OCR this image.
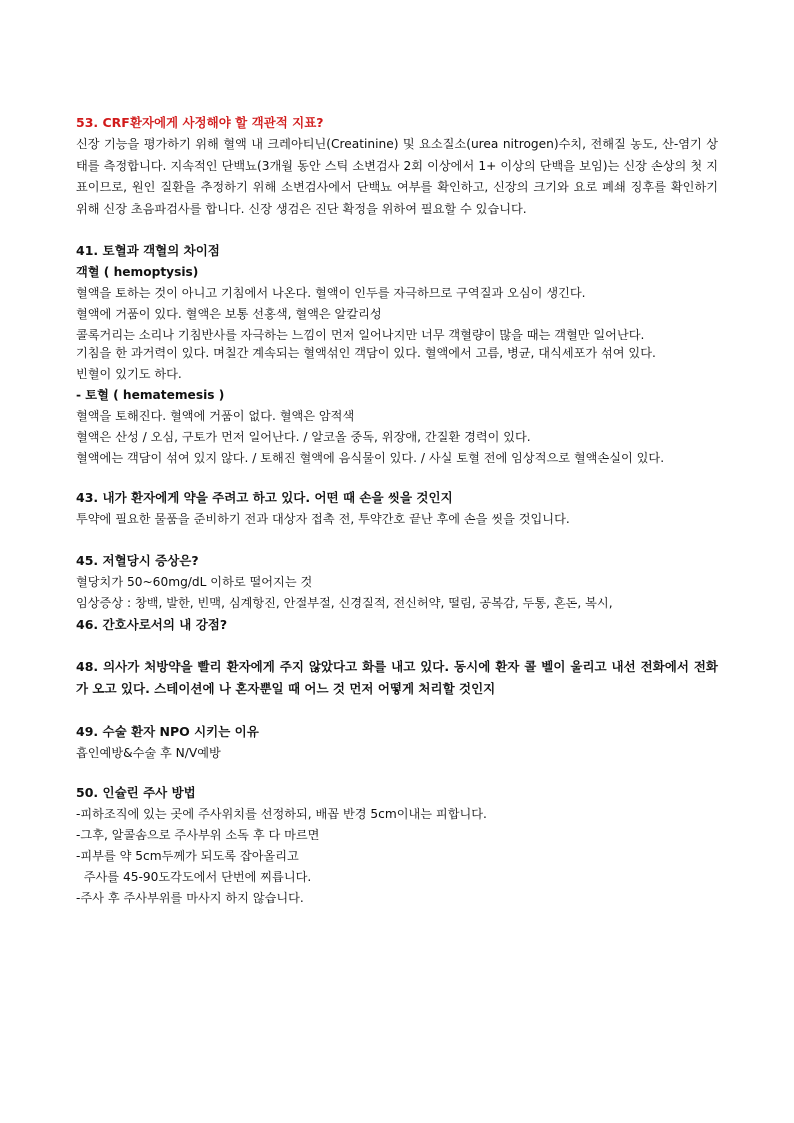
53. CRF환자에게 사정해야 할 객관적 지표?
신장 기능을 평가하기 위해 혈액 내 크레아티닌(Creatinine) 및 요소질소(urea nitrogen)수치, 전해질 농도, 산-염기 상태를 측정합니다. 지속적인 단백뇨(3개월 동안 스틱 소변검사 2회 이상에서 1+ 이상의 단백을 보임)는 신장 손상의 첫 지표이므로, 원인 질환을 추정하기 위해 소변검사에서 단백뇨 여부를 확인하고, 신장의 크기와 요로 폐쇄 징후를 확인하기 위해 신장 초음파검사를 합니다. 신장 생검은 진단 확정을 위하여 필요할 수 있습니다.
41. 토혈과 객혈의 차이점
객혈 ( hemoptysis)
혈액을 토하는 것이 아니고 기침에서 나온다. 혈액이 인두를 자극하므로 구역질과 오심이 생긴다.
혈액에 거품이 있다. 혈액은 보통 선홍색, 혈액은 알칼리성
콜록거리는 소리나 기침반사를 자극하는 느낌이 먼저 일어나지만 너무 객혈량이 많을 때는 객혈만 일어난다.
기침을 한 과거력이 있다. 며칠간 계속되는 혈액섞인 객담이 있다. 혈액에서 고름, 병균, 대식세포가 섞여 있다.
빈혈이 있기도 하다.
- 토혈 ( hematemesis )
혈액을 토해진다. 혈액에 거품이 없다. 혈액은 암적색
혈액은 산성 / 오심, 구토가 먼저 일어난다. / 알코올 중독, 위장애, 간질환 경력이 있다.
혈액에는 객담이 섞여 있지 않다. / 토해진 혈액에 음식물이 있다. / 사실 토혈 전에 임상적으로 혈액손실이 있다.
43. 내가 환자에게 약을 주려고 하고 있다. 어떤 때 손을 씻을 것인지
투약에 필요한 물품을 준비하기 전과 대상자 접촉 전, 투약간호 끝난 후에 손을 씻을 것입니다.
45. 저혈당시 증상은?
혈당치가 50~60mg/dL 이하로 떨어지는 것
임상증상 : 창백, 발한, 빈맥, 심계항진, 안절부절, 신경질적, 전신허약, 떨림, 공복감, 두통, 혼돈, 복시,
46. 간호사로서의 내 강점?
48. 의사가 처방약을 빨리 환자에게 주지 않았다고 화를 내고 있다. 동시에 환자 콜 벨이 울리고 내선 전화에서 전화가 오고 있다. 스테이션에 나 혼자뿐일 때 어느 것 먼저 어떻게 처리할 것인지
49. 수술 환자 NPO 시키는 이유
흡인예방&수술 후 N/V예방
50. 인슐린 주사 방법
-피하조직에 있는 곳에 주사위치를 선정하되, 배꼽 반경 5cm이내는 피합니다.
-그후, 알콜솜으로 주사부위 소독 후 다 마르면
-피부를 약 5cm두께가 되도록 잡아올리고
주사를 45-90도각도에서 단번에 찌릅니다.
-주사 후 주사부위를 마사지 하지 않습니다.
